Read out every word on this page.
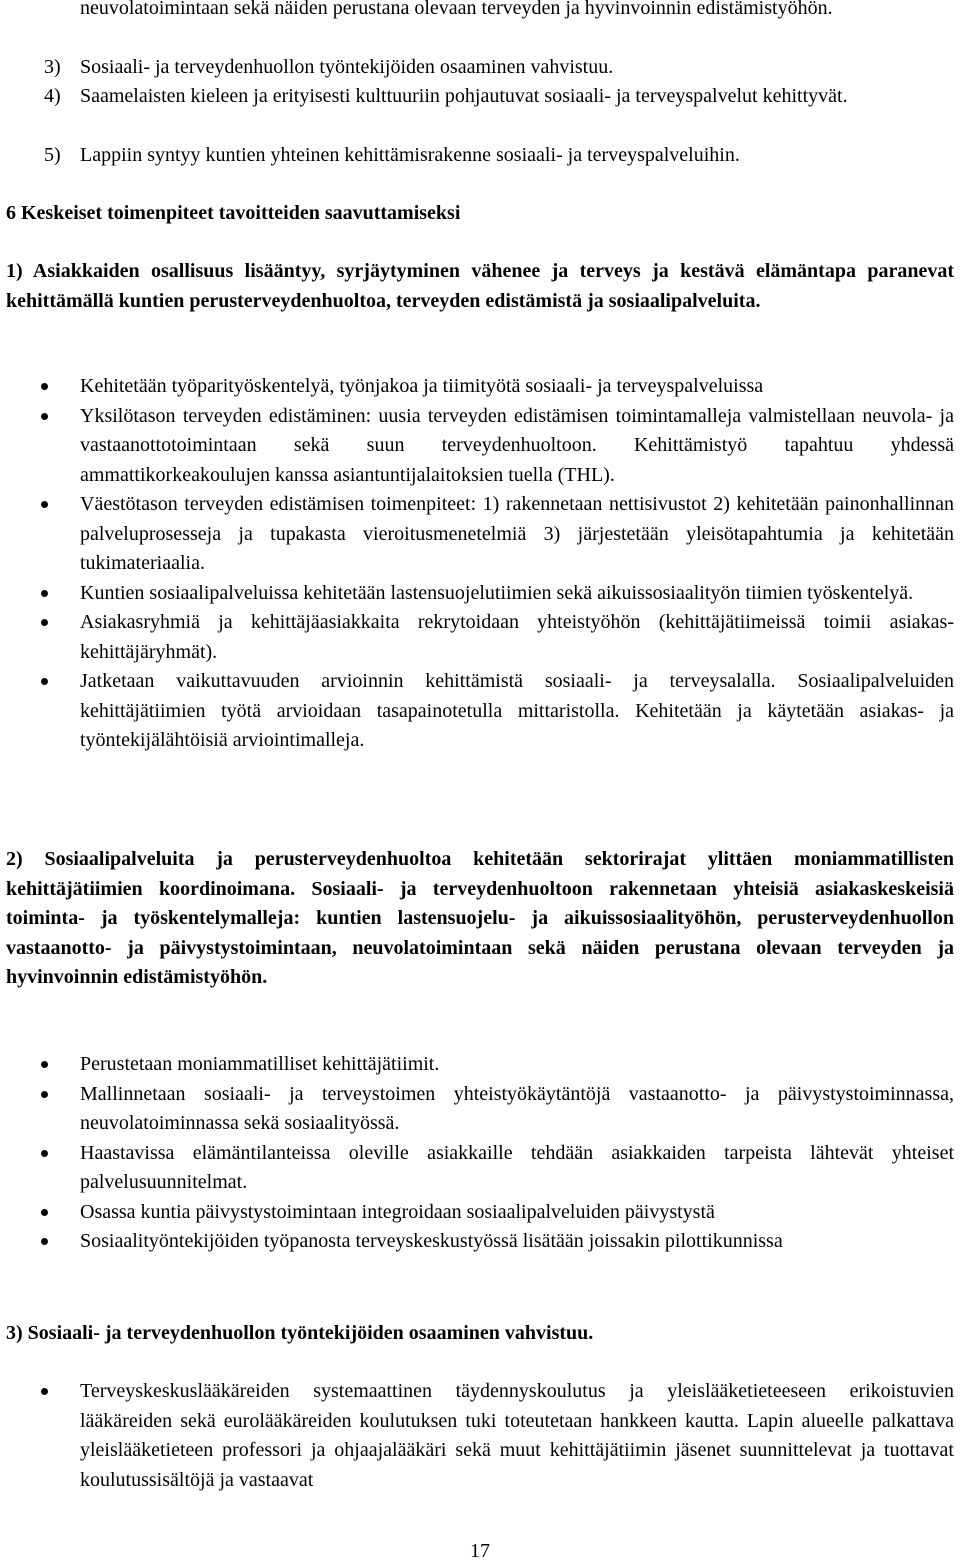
neuvolatoimintaan sekä näiden perustana olevaan terveyden ja hyvinvoinnin edistämistyöhön.
3) Sosiaali- ja terveydenhuollon työntekijöiden osaaminen vahvistuu.
4) Saamelaisten kieleen ja erityisesti kulttuuriin pohjautuvat sosiaali- ja terveyspalvelut kehittyvät.
5) Lappiin syntyy kuntien yhteinen kehittämisrakenne sosiaali- ja terveyspalveluihin.

6 Keskeiset toimenpiteet tavoitteiden saavuttamiseksi

1) Asiakkaiden osallisuus lisääntyy, syrjäytyminen vähenee ja terveys ja kestävä elämäntapa paranevat kehittämällä kuntien perusterveydenhuoltoa, terveyden edistämistä ja sosiaalipalveluita.

Kehitetään työparityöskentelyä, työnjakoa ja tiimityötä sosiaali- ja terveyspalveluissa
Yksilötason terveyden edistäminen: uusia terveyden edistämisen toimintamalleja valmistellaan neuvola- ja vastaanottotoimintaan sekä suun terveydenhuoltoon. Kehittämistyö tapahtuu yhdessä ammattikorkeakoulujen kanssa asiantuntijalaitoksien tuella (THL).
Väestötason terveyden edistämisen toimenpiteet: 1) rakennetaan nettisivustot 2) kehitetään painonhallinnan palveluprosesseja ja tupakasta vieroitusmenetelmiä 3) järjestetään yleisötapahtumia ja kehitetään tukimateriaalia.
Kuntien sosiaalipalveluissa kehitetään lastensuojelutiimien sekä aikuissosiaalityön tiimien työskentelyä.
Asiakasryhmiä ja kehittäjäasiakkaita rekrytoidaan yhteistyöhön (kehittäjätiimeissä toimii asiakas-kehittäjäryhmät).
Jatketaan vaikuttavuuden arvioinnin kehittämistä sosiaali- ja terveysalalla. Sosiaalipalveluiden kehittäjätiimien työtä arvioidaan tasapainotetulla mittaristolla. Kehitetään ja käytetään asiakas- ja työntekijälähtöisiä arviointimalleja.

2) Sosiaalipalveluita ja perusterveydenhuoltoa kehitetään sektorirajat ylittäen moniammatillisten kehittäjätiimien koordinoimana. Sosiaali- ja terveydenhuoltoon rakennetaan yhteisiä asiakaskeskeisiä toiminta- ja työskentelymalleja: kuntien lastensuojelu- ja aikuissosiaalityöhön, perusterveydenhuollon vastaanotto- ja päivystystoimintaan, neuvolatoimintaan sekä näiden perustana olevaan terveyden ja hyvinvoinnin edistämistyöhön.

Perustetaan moniammatilliset kehittäjätiimit.
Mallinnetaan sosiaali- ja terveystoimen yhteistyökäytäntöjä vastaanotto- ja päivystystoiminnassa, neuvolatoiminnassa sekä sosiaalityössä.
Haastavissa elämäntilanteissa oleville asiakkaille tehdään asiakkaiden tarpeista lähtevät yhteiset palvelusuunnitelmat.
Osassa kuntia päivystystoimintaan integroidaan sosiaalipalveluiden päivystystä
Sosiaalityöntekijöiden työpanosta terveyskeskustyössä lisätään joissakin pilottikunnissa

3) Sosiaali- ja terveydenhuollon työntekijöiden osaaminen vahvistuu.

Terveyskeskuslääkäreiden systemaattinen täydennyskoulutus ja yleislääketieteeseen erikoistuvien lääkäreiden sekä eurolääkäreiden koulutuksen tuki toteutetaan hankkeen kautta. Lapin alueelle palkattava yleislääketieteen professori ja ohjaajalääkäri sekä muut kehittäjätiimin jäsenet suunnittelevat ja tuottavat koulutussisältöjä ja vastaavat
17
